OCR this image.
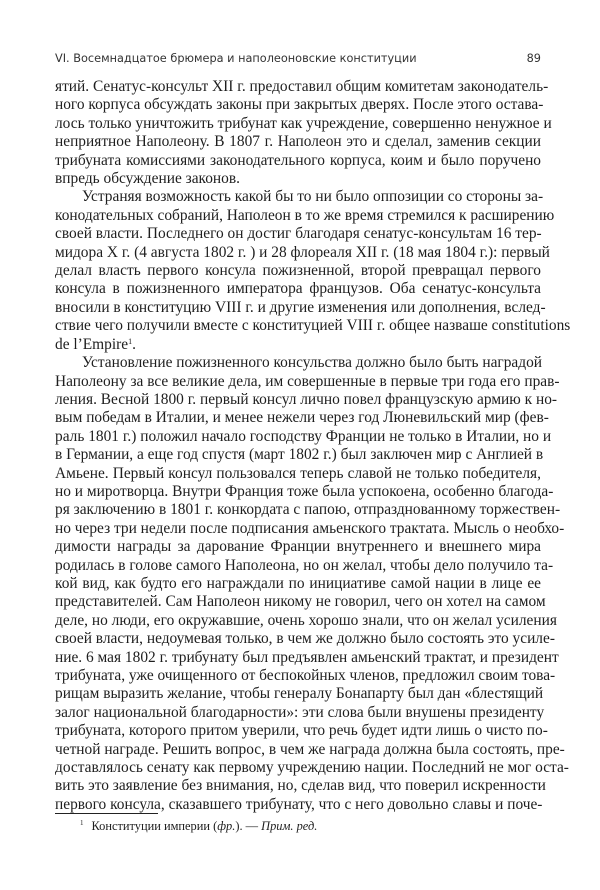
VI. Восемнадцатое брюмера и наполеоновские конституции	89
ятий. Сенатус-консульт XII г. предоставил общим комитетам законодатель-
ного корпуса обсуждать законы при закрытых дверях. После этого остава-
лось только уничтожить трибунат как учреждение, совершенно ненужное и
неприятное Наполеону. В 1807 г. Наполеон это и сделал, заменив секции
трибуната комиссиями законодательного корпуса, коим и было поручено
впредь обсуждение законов.
Устраняя возможность какой бы то ни было оппозиции со стороны за-
конодательных собраний, Наполеон в то же время стремился к расширению
своей власти. Последнего он достиг благодаря сенатус-консультам 16 тер-
мидора X г. (4 августа 1802 г. ) и 28 флореаля XII г. (18 мая 1804 г.): первый
делал власть первого консула пожизненной, второй превращал первого
консула в пожизненного императора французов. Оба сенатус-консульта
вносили в конституцию VIII г. и другие изменения или дополнения, вслед-
ствие чего получили вместе с конституцией VIII г. общее назваше constitutions
de l’Empire$^1$.
Установление пожизненного консульства должно было быть наградой
Наполеону за все великие дела, им совершенные в первые три года его прав-
ления. Весной 1800 г. первый консул лично повел французскую армию к но-
вым победам в Италии, и менее нежели через год Люневильский мир (фев-
раль 1801 г.) положил начало господству Франции не только в Италии, но и
в Германии, а еще год спустя (март 1802 г.) был заключен мир с Англией в
Амьене. Первый консул пользовался теперь славой не только победителя,
но и миротворца. Внутри Франция тоже была успокоена, особенно благода-
ря заключению в 1801 г. конкордата с папою, отпразднованному торжествен-
но через три недели после подписания амьенского трактата. Мысль о необхо-
димости награды за дарование Франции внутреннего и внешнего мира
родилась в голове самого Наполеона, но он желал, чтобы дело получило та-
кой вид, как будто его награждали по инициативе самой нации в лице ее
представителей. Сам Наполеон никому не говорил, чего он хотел на самом
деле, но люди, его окружавшие, очень хорошо знали, что он желал усиления
своей власти, недоумевая только, в чем же должно было состоять это усиле-
ние. 6 мая 1802 г. трибунату был предъявлен амьенский трактат, и президент
трибуната, уже очищенного от беспокойных членов, предложил своим това-
рищам выразить желание, чтобы генералу Бонапарту был дан «блестящий
залог национальной благодарности»: эти слова были внушены президенту
трибуната, которого притом уверили, что речь будет идти лишь о чисто по-
четной награде. Решить вопрос, в чем же награда должна была состоять, пре-
доставлялось сенату как первому учреждению нации. Последний не мог оста-
вить это заявление без внимания, но, сделав вид, что поверил искренности
первого консула, сказавшего трибунату, что с него довольно славы и поче-
$^1$ Конституции империи (фр.). — Прим. ред.
